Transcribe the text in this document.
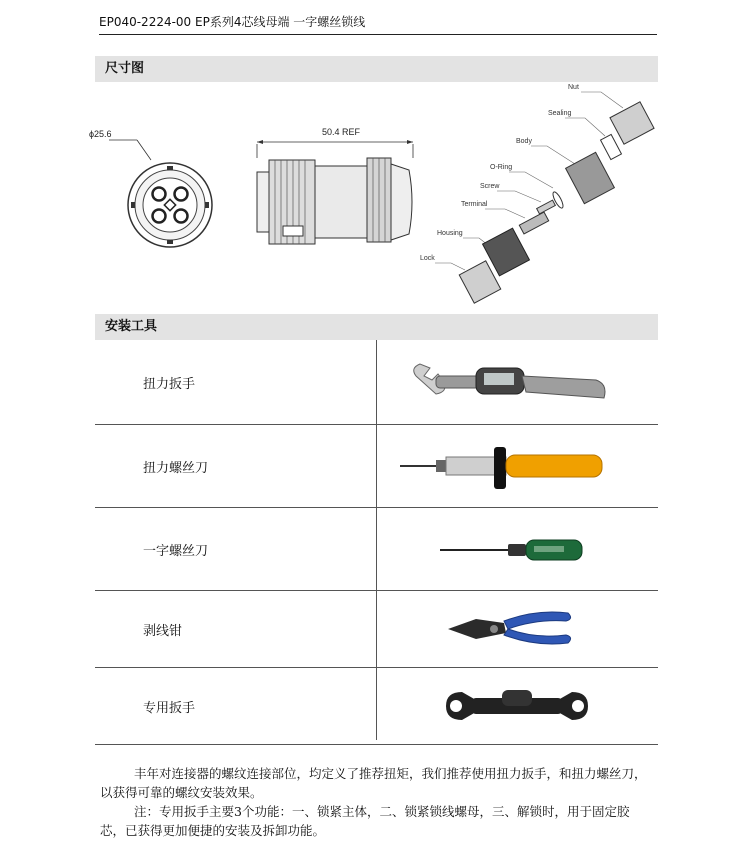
EP040-2224-00 EP系列4芯线母端 一字螺丝锁线
尺寸图
ϕ25.6	50.4 REF
Nut
Sealing
Body
O-Ring
Screw
Terminal
Housing
Lock
安装工具
扭力扳手
扭力螺丝刀
一字螺丝刀
剥线钳
专用扳手
丰年对连接器的螺纹连接部位，均定义了推荐扭矩，我们推荐使用扭力扳手，和扭力螺丝刀，以获得可靠的螺纹安装效果。
注：专用扳手主要3个功能：一、锁紧主体，二、锁紧锁线螺母，三、解锁时，用于固定胶芯，已获得更加便捷的安装及拆卸功能。
